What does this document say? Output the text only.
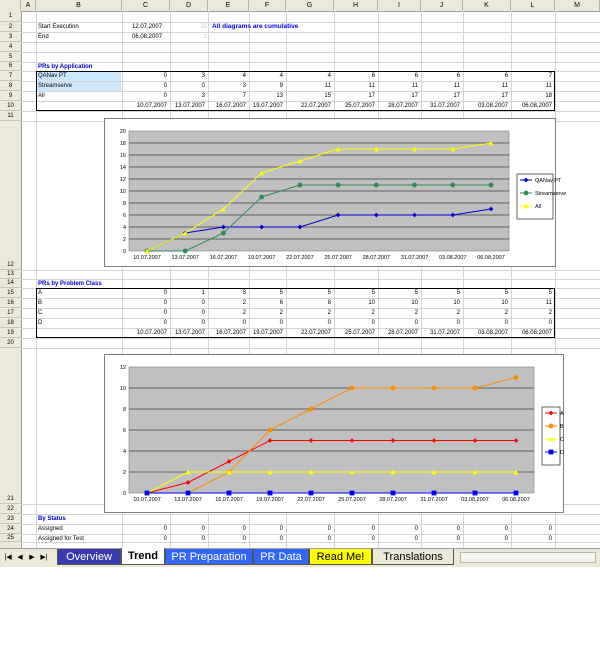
A	B	C	D	E	F	G	H	I	J	K	L	M
1
2
3
4
5
6
7
8
9
10
11
12
13
14
15
16
17
18
19
20
21
22
23
24
25
Start Execution	12.07.2007	25 All diagrams are cumulative
End	06.08.2007	3
PRs by Application
QANav PT	0	3	4	4	4	6	6	6	6	7
Streamserve	0	0	3	9	11	11	11	11	11	11
All	0	3	7	13	15	17	17	17	17	18
10.07.2007	13.07.2007	16.07.2007	19.07.2007	22.07.2007	25.07.2007	28.07.2007	31.07.2007	03.08.2007	06.08.2007
PRs by Problem Class
A	0	1	3	5	5	5	5	5	5	5
B	0	0	2	6	8	10	10	10	10	11
C	0	0	2	2	2	2	2	2	2	2
D	0	0	0	0	0	0	0	0	0	0
10.07.2007	13.07.2007	16.07.2007	19.07.2007	22.07.2007	25.07.2007	28.07.2007	31.07.2007	03.08.2007	06.08.2007
By Status
Assigned	0	0	0	0	0	0	0	0	0	0
Assigned for Test	0	0	0	0	0	0	0	0	0	0
0
2
4
6
8
10
12
14
16
18
20
10.07.2007 13.07.2007 16.07.2007 19.07.2007 22.07.2007 25.07.2007 28.07.2007 31.07.2007 03.08.2007 06.08.2007
QANav PT
Streamserve
All
0
2
4
6
8
10
12
10.07.2007 13.07.2007 16.07.2007 19.07.2007 22.07.2007 25.07.2007 28.07.2007 31.07.2007 03.08.2007 06.08.2007
A
B
C
D
|◀ ◀ ▶ ▶|	Overview	Trend	PR Preparation	PR Data	Read Me!	Translations
